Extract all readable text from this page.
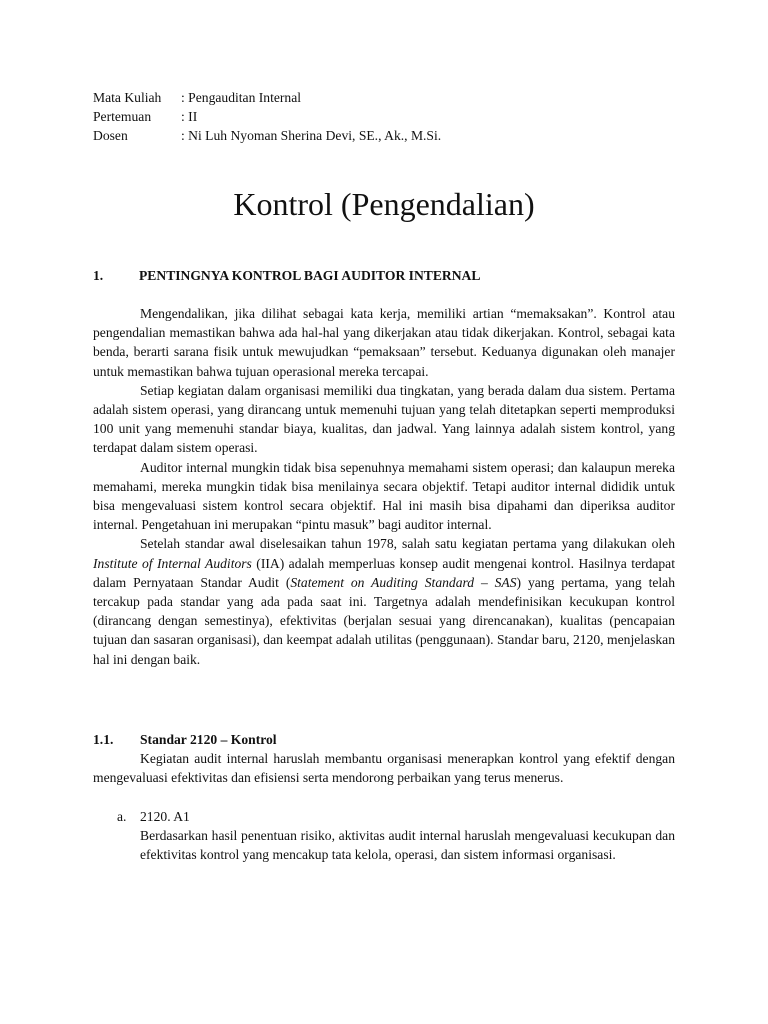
Mata Kuliah	: Pengauditan Internal
Pertemuan	: II
Dosen	: Ni Luh Nyoman Sherina Devi, SE., Ak., M.Si.
Kontrol (Pengendalian)
1.	PENTINGNYA KONTROL BAGI AUDITOR INTERNAL

Mengendalikan, jika dilihat sebagai kata kerja, memiliki artian “memaksakan”. Kontrol atau pengendalian memastikan bahwa ada hal-hal yang dikerjakan atau tidak dikerjakan. Kontrol, sebagai kata benda, berarti sarana fisik untuk mewujudkan “pemaksaan” tersebut. Keduanya digunakan oleh manajer untuk memastikan bahwa tujuan operasional mereka tercapai.

Setiap kegiatan dalam organisasi memiliki dua tingkatan, yang berada dalam dua sistem. Pertama adalah sistem operasi, yang dirancang untuk memenuhi tujuan yang telah ditetapkan seperti memproduksi 100 unit yang memenuhi standar biaya, kualitas, dan jadwal. Yang lainnya adalah sistem kontrol, yang terdapat dalam sistem operasi.

Auditor internal mungkin tidak bisa sepenuhnya memahami sistem operasi; dan kalaupun mereka memahami, mereka mungkin tidak bisa menilainya secara objektif. Tetapi auditor internal dididik untuk bisa mengevaluasi sistem kontrol secara objektif. Hal ini masih bisa dipahami dan diperiksa auditor internal. Pengetahuan ini merupakan “pintu masuk” bagi auditor internal.

Setelah standar awal diselesaikan tahun 1978, salah satu kegiatan pertama yang dilakukan oleh Institute of Internal Auditors (IIA) adalah memperluas konsep audit mengenai kontrol. Hasilnya terdapat dalam Pernyataan Standar Audit (Statement on Auditing Standard – SAS) yang pertama, yang telah tercakup pada standar yang ada pada saat ini. Targetnya adalah mendefinisikan kecukupan kontrol (dirancang dengan semestinya), efektivitas (berjalan sesuai yang direncanakan), kualitas (pencapaian tujuan dan sasaran organisasi), dan keempat adalah utilitas (penggunaan). Standar baru, 2120, menjelaskan hal ini dengan baik.

1.1.	Standar 2120 – Kontrol

Kegiatan audit internal haruslah membantu organisasi menerapkan kontrol yang efektif dengan mengevaluasi efektivitas dan efisiensi serta mendorong perbaikan yang terus menerus.

a. 2120. A1
Berdasarkan hasil penentuan risiko, aktivitas audit internal haruslah mengevaluasi kecukupan dan efektivitas kontrol yang mencakup tata kelola, operasi, dan sistem informasi organisasi.
